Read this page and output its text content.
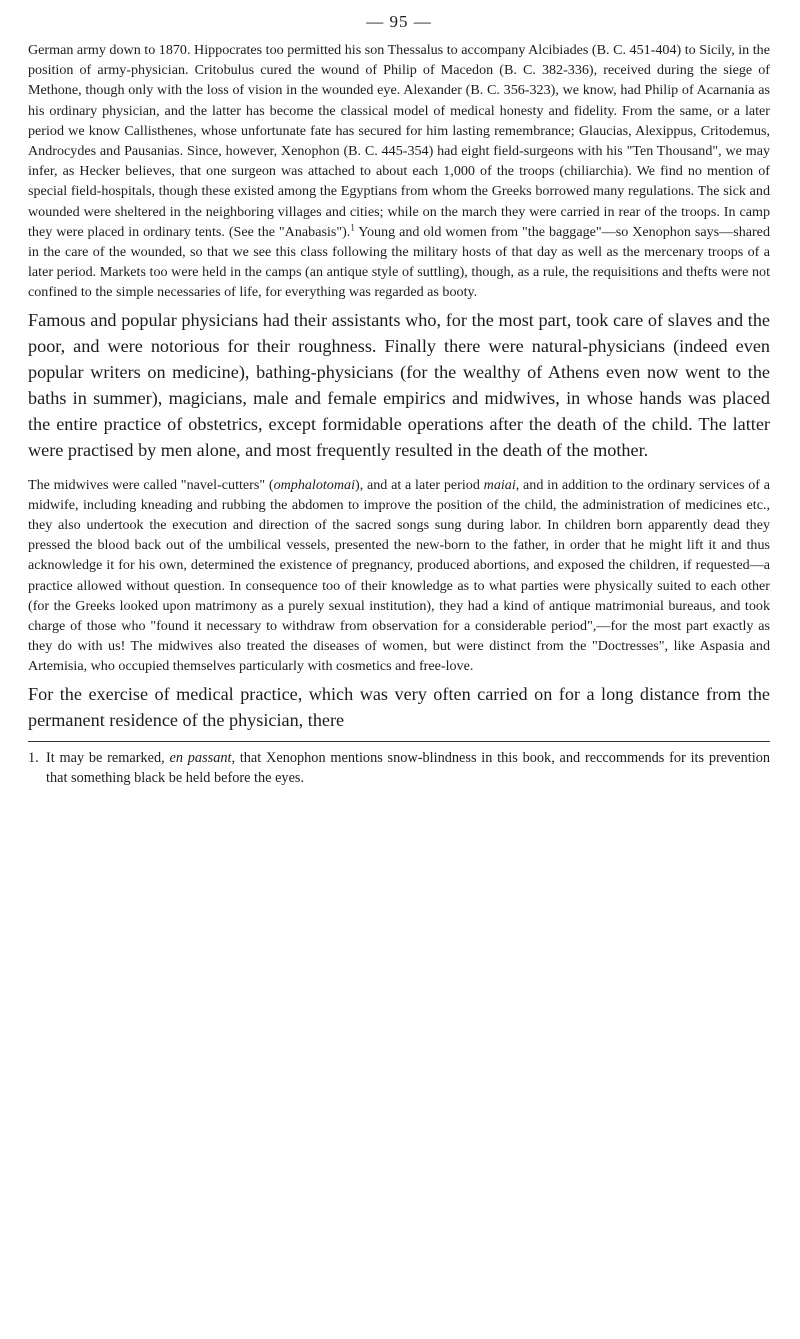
— 95 —

German army down to 1870. Hippocrates too permitted his son Thessalus to accompany Alcibiades (B. C. 451-404) to Sicily, in the position of army-physician. Critobulus cured the wound of Philip of Macedon (B. C. 382-336), received during the siege of Methone, though only with the loss of vision in the wounded eye. Alexander (B. C. 356-323), we know, had Philip of Acarnania as his ordinary physician, and the latter has become the classical model of medical honesty and fidelity. From the same, or a later period we know Callisthenes, whose unfortunate fate has secured for him lasting remembrance; Glaucias, Alexippus, Critodemus, Androcydes and Pausanias. Since, however, Xenophon (B. C. 445-354) had eight field-surgeons with his "Ten Thousand", we may infer, as Hecker believes, that one surgeon was attached to about each 1,000 of the troops (chiliarchia). We find no mention of special field-hospitals, though these existed among the Egyptians from whom the Greeks borrowed many regulations. The sick and wounded were sheltered in the neighboring villages and cities; while on the march they were carried in rear of the troops. In camp they were placed in ordinary tents. (See the "Anabasis").$^1$ Young and old women from "the baggage"—so Xenophon says—shared in the care of the wounded, so that we see this class following the military hosts of that day as well as the mercenary troops of a later period. Markets too were held in the camps (an antique style of suttling), though, as a rule, the requisitions and thefts were not confined to the simple necessaries of life, for everything was regarded as booty.

Famous and popular physicians had their assistants who, for the most part, took care of slaves and the poor, and were notorious for their roughness. Finally there were natural-physicians (indeed even popular writers on medicine), bathing-physicians (for the wealthy of Athens even now went to the baths in summer), magicians, male and female empirics and midwives, in whose hands was placed the entire practice of obstetrics, except formidable operations after the death of the child. The latter were practised by men alone, and most frequently resulted in the death of the mother.

The midwives were called "navel-cutters" (omphalotomai), and at a later period maiai, and in addition to the ordinary services of a midwife, including kneading and rubbing the abdomen to improve the position of the child, the administration of medicines etc., they also undertook the execution and direction of the sacred songs sung during labor. In children born apparently dead they pressed the blood back out of the umbilical vessels, presented the new-born to the father, in order that he might lift it and thus acknowledge it for his own, determined the existence of pregnancy, produced abortions, and exposed the children, if requested—a practice allowed without question. In consequence too of their knowledge as to what parties were physically suited to each other (for the Greeks looked upon matrimony as a purely sexual institution), they had a kind of antique matrimonial bureaus, and took charge of those who "found it necessary to withdraw from observation for a considerable period",—for the most part exactly as they do with us! The midwives also treated the diseases of women, but were distinct from the "Doctresses", like Aspasia and Artemisia, who occupied themselves particularly with cosmetics and free-love.

For the exercise of medical practice, which was very often carried on for a long distance from the permanent residence of the physician, there

1. It may be remarked, en passant, that Xenophon mentions snow-blindness in this book, and reccommends for its prevention that something black be held before the eyes.
